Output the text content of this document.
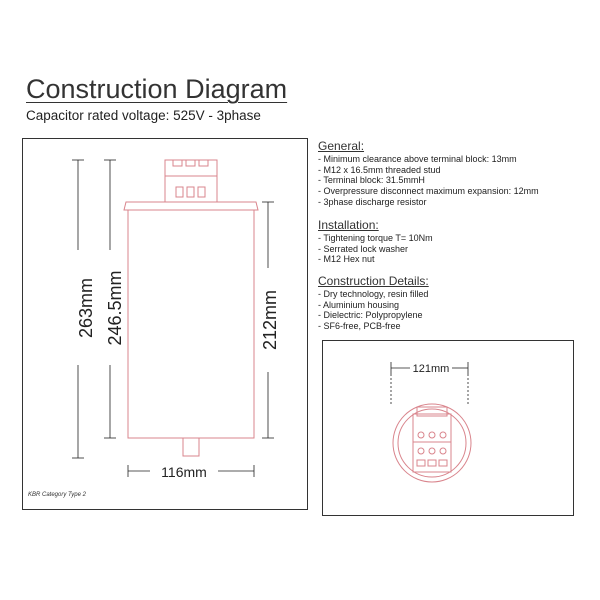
Construction Diagram
Capacitor rated voltage: 525V - 3phase
263mm 246.5mm	212mm
116mm
121mm
General:
- Minimum clearance above terminal block: 13mm
- M12 x 16.5mm threaded stud
- Terminal block: 31.5mmH
- Overpressure disconnect maximum expansion: 12mm
- 3phase discharge resistor
Installation:
- Tightening torque T= 10Nm
- Serrated lock washer
- M12 Hex nut
Construction Details:
- Dry technology, resin filled
- Aluminium housing
- Dielectric: Polypropylene
- SF6-free, PCB-free
KBR Category Type 2
